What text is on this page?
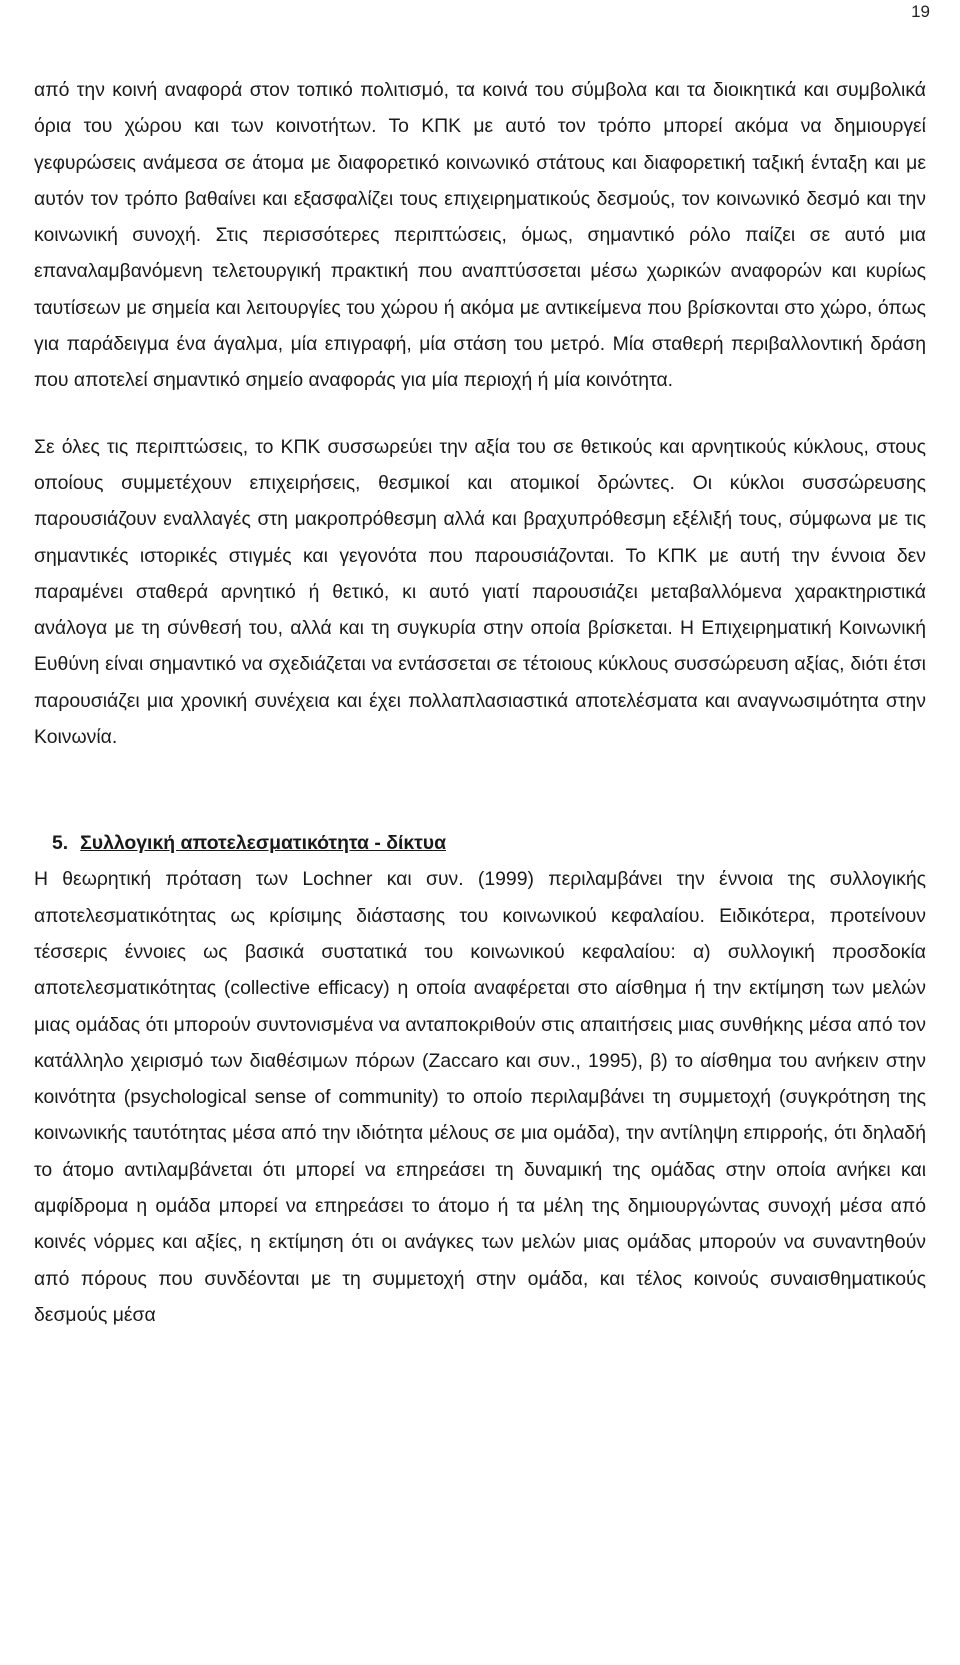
19

από την κοινή αναφορά στον τοπικό πολιτισμό, τα κοινά του σύμβολα και τα διοικητικά και συμβολικά όρια του χώρου και των κοινοτήτων. Το ΚΠΚ με αυτό τον τρόπο μπορεί ακόμα να δημιουργεί γεφυρώσεις ανάμεσα σε άτομα με διαφορετικό κοινωνικό στάτους και διαφορετική ταξική ένταξη και με αυτόν τον τρόπο βαθαίνει και εξασφαλίζει τους επιχειρηματικούς δεσμούς, τον κοινωνικό δεσμό και την κοινωνική συνοχή. Στις περισσότερες περιπτώσεις, όμως, σημαντικό ρόλο παίζει σε αυτό μια επαναλαμβανόμενη τελετουργική πρακτική που αναπτύσσεται μέσω χωρικών αναφορών και κυρίως ταυτίσεων με σημεία και λειτουργίες του χώρου ή ακόμα με αντικείμενα που βρίσκονται στο χώρο, όπως για παράδειγμα ένα άγαλμα, μία επιγραφή, μία στάση του μετρό. Μία σταθερή περιβαλλοντική δράση που αποτελεί σημαντικό σημείο αναφοράς για μία περιοχή ή μία κοινότητα.

Σε όλες τις περιπτώσεις, το ΚΠΚ συσσωρεύει την αξία του σε θετικούς και αρνητικούς κύκλους, στους οποίους συμμετέχουν επιχειρήσεις, θεσμικοί και ατομικοί δρώντες. Οι κύκλοι συσσώρευσης παρουσιάζουν εναλλαγές στη μακροπρόθεσμη αλλά και βραχυπρόθεσμη εξέλιξή τους, σύμφωνα με τις σημαντικές ιστορικές στιγμές και γεγονότα που παρουσιάζονται. Το ΚΠΚ με αυτή την έννοια δεν παραμένει σταθερά αρνητικό ή θετικό, κι αυτό γιατί παρουσιάζει μεταβαλλόμενα χαρακτηριστικά ανάλογα με τη σύνθεσή του, αλλά και τη συγκυρία στην οποία βρίσκεται. Η Επιχειρηματική Κοινωνική Ευθύνη είναι σημαντικό να σχεδιάζεται να εντάσσεται σε τέτοιους κύκλους συσσώρευση αξίας, διότι έτσι παρουσιάζει μια χρονική συνέχεια και έχει πολλαπλασιαστικά αποτελέσματα και αναγνωσιμότητα στην Κοινωνία.

5. Συλλογική αποτελεσματικότητα - δίκτυα

Η θεωρητική πρόταση των Lochner και συν. (1999) περιλαμβάνει την έννοια της συλλογικής αποτελεσματικότητας ως κρίσιμης διάστασης του κοινωνικού κεφαλαίου. Ειδικότερα, προτείνουν τέσσερις έννοιες ως βασικά συστατικά του κοινωνικού κεφαλαίου: α) συλλογική προσδοκία αποτελεσματικότητας (collective efficacy) η οποία αναφέρεται στο αίσθημα ή την εκτίμηση των μελών μιας ομάδας ότι μπορούν συντονισμένα να ανταποκριθούν στις απαιτήσεις μιας συνθήκης μέσα από τον κατάλληλο χειρισμό των διαθέσιμων πόρων (Zaccaro και συν., 1995), β) το αίσθημα του ανήκειν στην κοινότητα (psychological sense of community) το οποίο περιλαμβάνει τη συμμετοχή (συγκρότηση της κοινωνικής ταυτότητας μέσα από την ιδιότητα μέλους σε μια ομάδα), την αντίληψη επιρροής, ότι δηλαδή το άτομο αντιλαμβάνεται ότι μπορεί να επηρεάσει τη δυναμική της ομάδας στην οποία ανήκει και αμφίδρομα η ομάδα μπορεί να επηρεάσει το άτομο ή τα μέλη της δημιουργώντας συνοχή μέσα από κοινές νόρμες και αξίες, η εκτίμηση ότι οι ανάγκες των μελών μιας ομάδας μπορούν να συναντηθούν από πόρους που συνδέονται με τη συμμετοχή στην ομάδα, και τέλος κοινούς συναισθηματικούς δεσμούς μέσα
